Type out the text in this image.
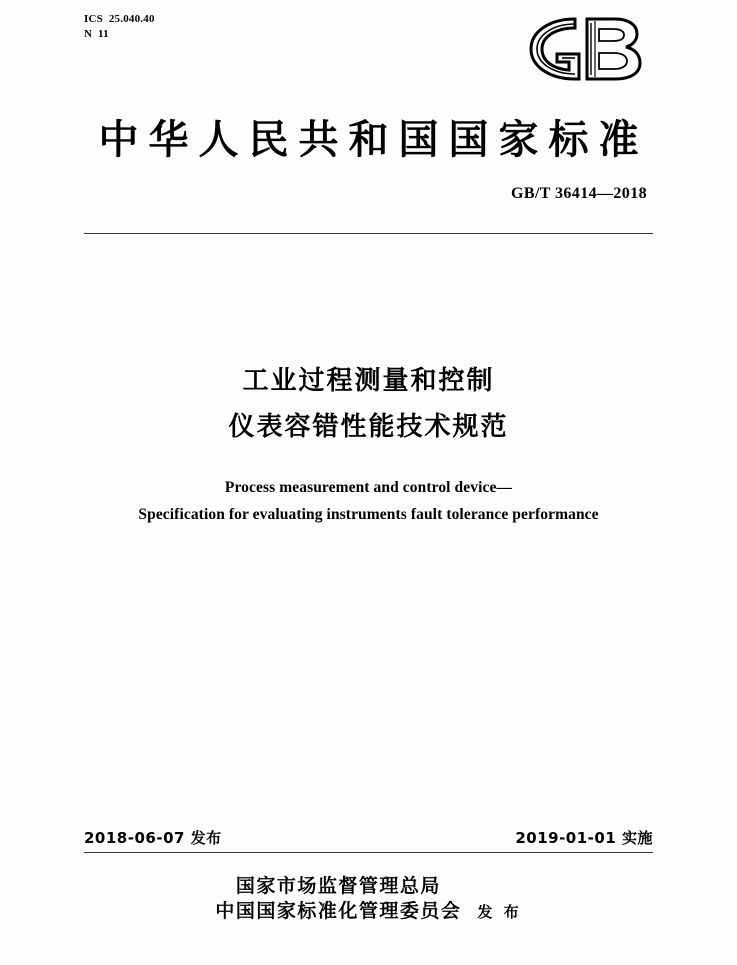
ICS  25.040.40
N  11
中华人民共和国国家标准
GB/T 36414—2018
工业过程测量和控制
仪表容错性能技术规范
Process measurement and control device—
Specification for evaluating instruments fault tolerance performance
2018-06-07 发布	2019-01-01 实施
国家市场监督管理总局
中国国家标准化管理委员会 发 布
